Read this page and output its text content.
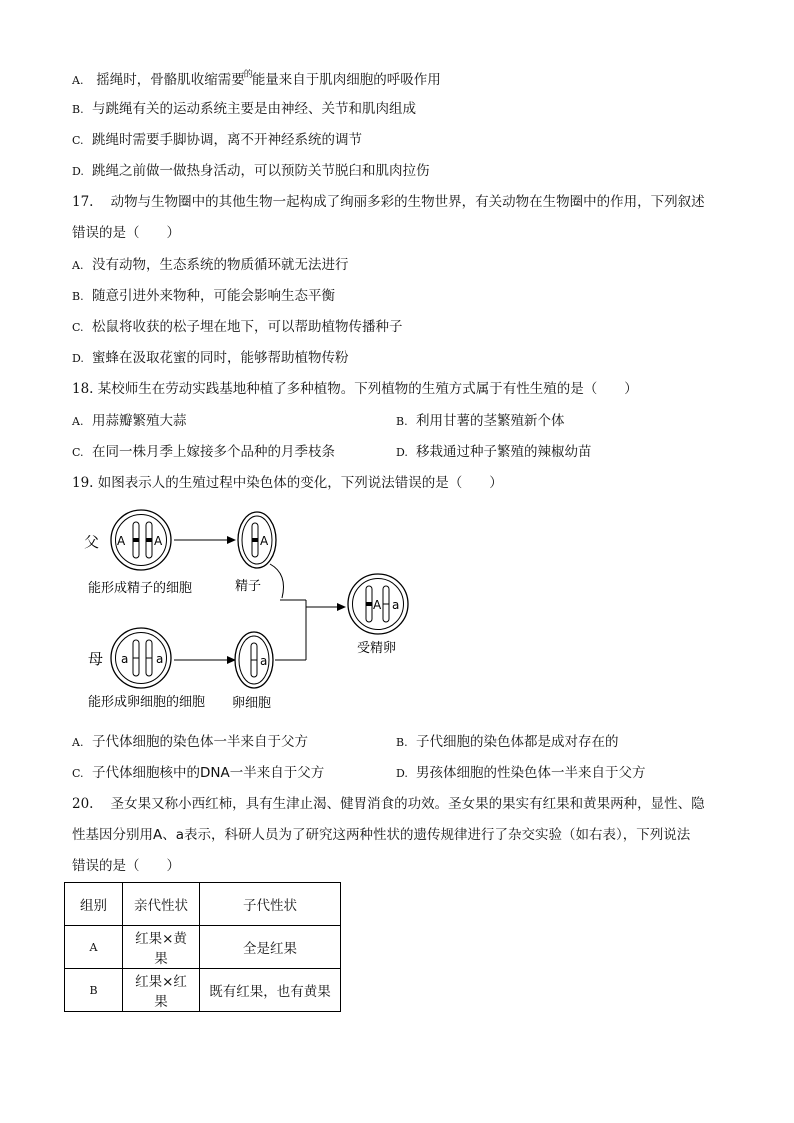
A. 摇绳时，骨骼肌收缩需要$^的$能量来自于肌肉细胞的呼吸作用
B. 与跳绳有关的运动系统主要是由神经、关节和肌肉组成
C. 跳绳时需要手脚协调，离不开神经系统的调节
D. 跳绳之前做一做热身活动，可以预防关节脱臼和肌肉拉伤
17. 动物与生物圈中的其他生物一起构成了绚丽多彩的生物世界，有关动物在生物圈中的作用，下列叙述
错误的是（　　）
A. 没有动物，生态系统的物质循环就无法进行
B. 随意引进外来物种，可能会影响生态平衡
C. 松鼠将收获的松子埋在地下，可以帮助植物传播种子
D. 蜜蜂在汲取花蜜的同时，能够帮助植物传粉
18. 某校师生在劳动实践基地种植了多种植物。下列植物的生殖方式属于有性生殖的是（　　）
A. 用蒜瓣繁殖大蒜	B. 利用甘薯的茎繁殖新个体
C. 在同一株月季上嫁接多个品种的月季枝条	D. 移栽通过种子繁殖的辣椒幼苗
19. 如图表示人的生殖过程中染色体的变化，下列说法错误的是（　　）
父 A A
能形成精子的细胞
A
精子
母 a a
能形成卵细胞的细胞
a
卵细胞
A a
受精卵
A. 子代体细胞的染色体一半来自于父方	B. 子代细胞的染色体都是成对存在的
C. 子代体细胞核中的DNA一半来自于父方	D. 男孩体细胞的性染色体一半来自于父方
20. 圣女果又称小西红柿，具有生津止渴、健胃消食的功效。圣女果的果实有红果和黄果两种，显性、隐
性基因分别用A、a表示，科研人员为了研究这两种性状的遗传规律进行了杂交实验（如右表），下列说法
错误的是（　　）
组别	亲代性状	子代性状
A	红果×黄果	全是红果
B	红果×红果	既有红果，也有黄果
